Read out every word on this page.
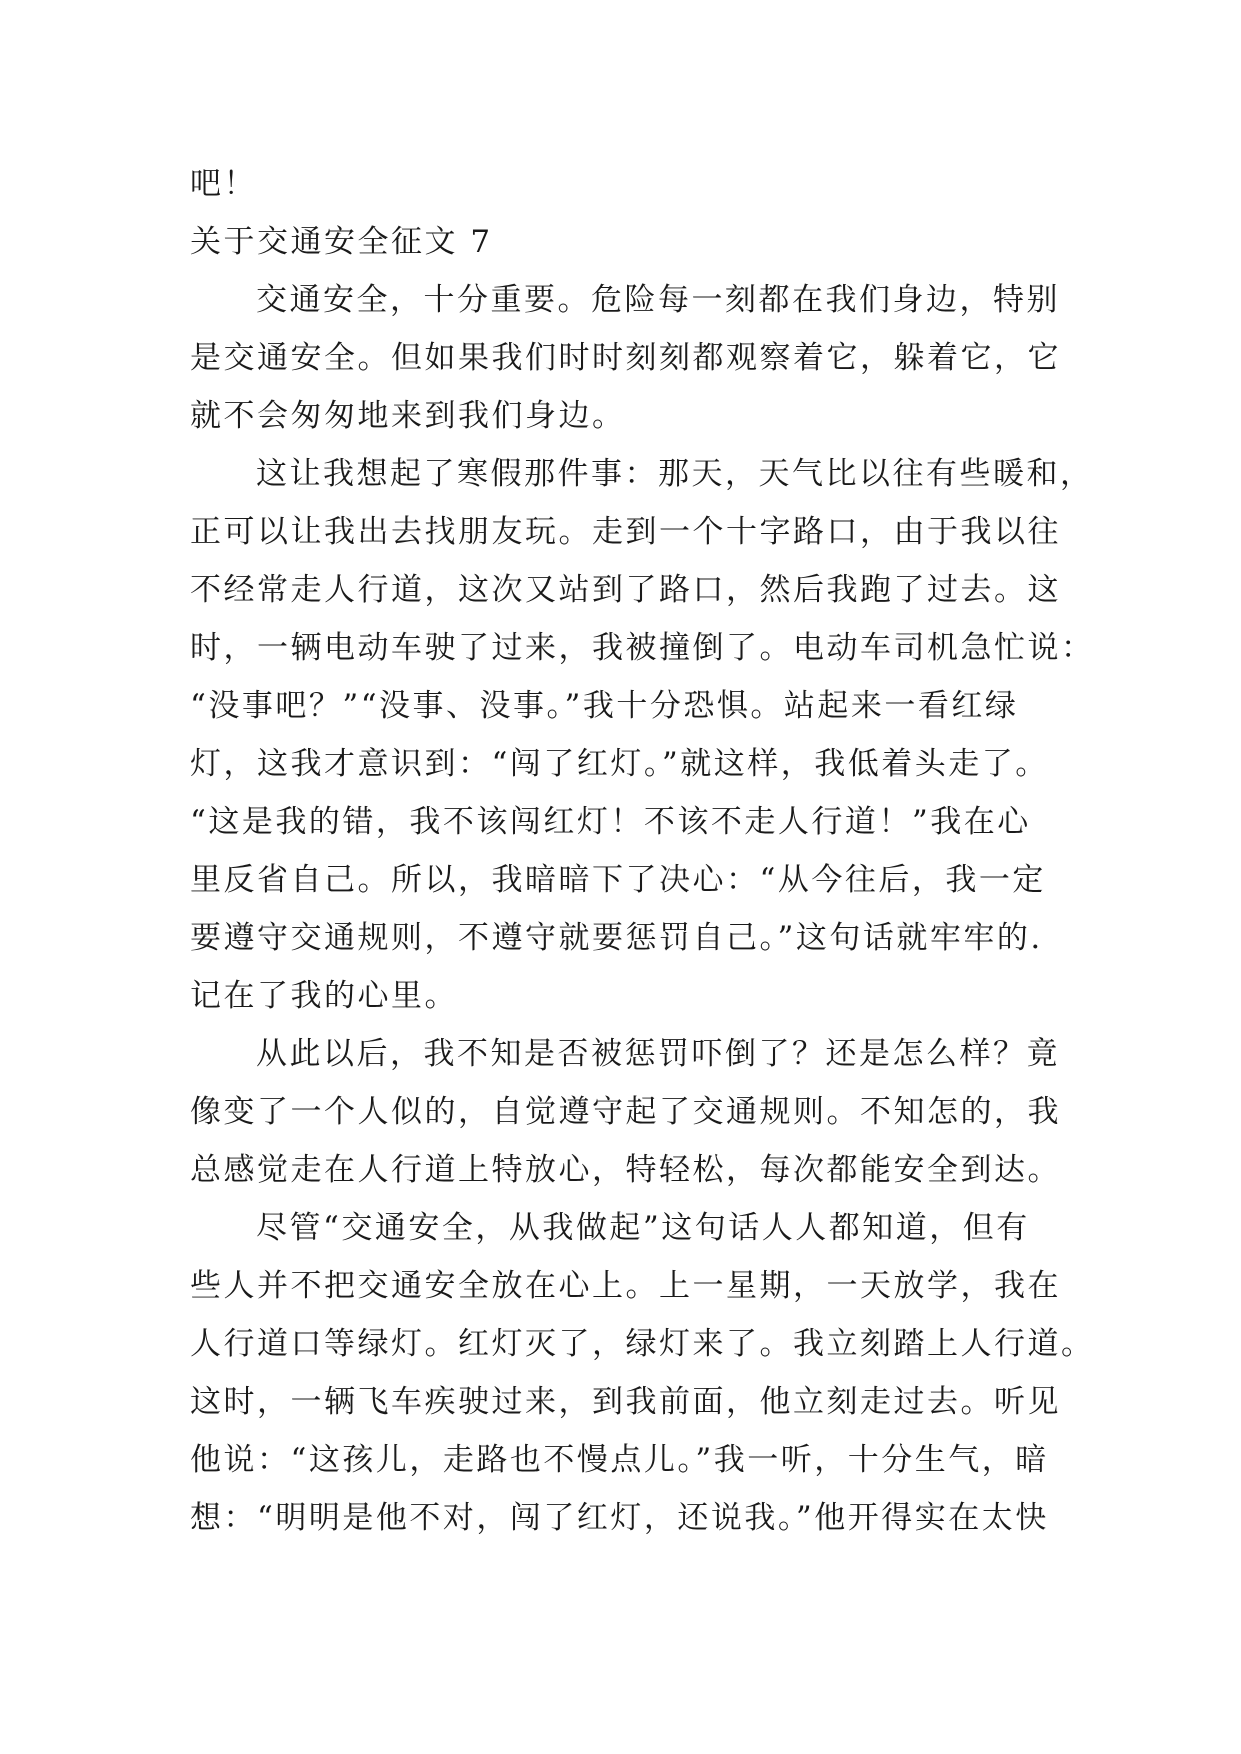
吧！
关于交通安全征文 7
交通安全，十分重要。危险每一刻都在我们身边，特别
是交通安全。但如果我们时时刻刻都观察着它，躲着它，它
就不会匆匆地来到我们身边。
这让我想起了寒假那件事：那天，天气比以往有些暖和，
正可以让我出去找朋友玩。走到一个十字路口，由于我以往
不经常走人行道，这次又站到了路口，然后我跑了过去。这
时，一辆电动车驶了过来，我被撞倒了。电动车司机急忙说：
“没事吧？”“没事、没事。”我十分恐惧。站起来一看红绿
灯，这我才意识到：“闯了红灯。”就这样，我低着头走了。
“这是我的错，我不该闯红灯！不该不走人行道！”我在心
里反省自己。所以，我暗暗下了决心：“从今往后，我一定
要遵守交通规则，不遵守就要惩罚自己。”这句话就牢牢的.
记在了我的心里。
从此以后，我不知是否被惩罚吓倒了？还是怎么样？竟
像变了一个人似的，自觉遵守起了交通规则。不知怎的，我
总感觉走在人行道上特放心，特轻松，每次都能安全到达。
尽管“交通安全，从我做起”这句话人人都知道，但有
些人并不把交通安全放在心上。上一星期，一天放学，我在
人行道口等绿灯。红灯灭了，绿灯来了。我立刻踏上人行道。
这时，一辆飞车疾驶过来，到我前面，他立刻走过去。听见
他说：“这孩儿，走路也不慢点儿。”我一听，十分生气，暗
想：“明明是他不对，闯了红灯，还说我。”他开得实在太快
